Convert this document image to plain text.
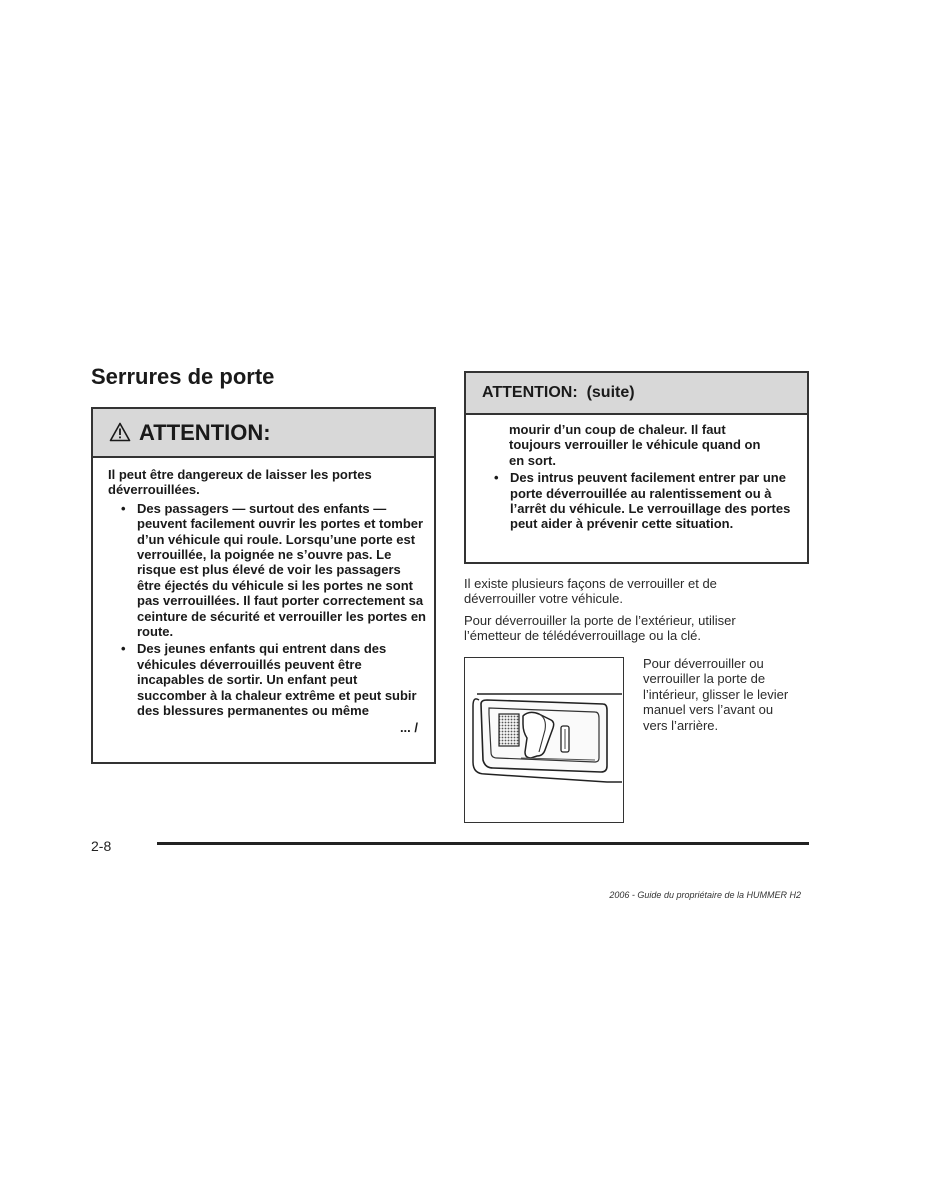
Serrures de porte
ATTENTION:

Il peut être dangereux de laisser les portes déverrouillées.

• Des passagers — surtout des enfants — peuvent facilement ouvrir les portes et tomber d’un véhicule qui roule. Lorsqu’une porte est verrouillée, la poignée ne s’ouvre pas. Le risque est plus élevé de voir les passagers être éjectés du véhicule si les portes ne sont pas verrouillées. Il faut porter correctement sa ceinture de sécurité et verrouiller les portes en route.
• Des jeunes enfants qui entrent dans des véhicules déverrouillés peuvent être incapables de sortir. Un enfant peut succomber à la chaleur extrême et peut subir des blessures permanentes ou même
... /
ATTENTION:  (suite)

mourir d’un coup de chaleur. Il faut toujours verrouiller le véhicule quand on en sort.

• Des intrus peuvent facilement entrer par une porte déverrouillée au ralentissement ou à l’arrêt du véhicule. Le verrouillage des portes peut aider à prévenir cette situation.

Il existe plusieurs façons de verrouiller et de déverrouiller votre véhicule.

Pour déverrouiller la porte de l’extérieur, utiliser l’émetteur de télédéverrouillage ou la clé.

Pour déverrouiller ou verrouiller la porte de l’intérieur, glisser le levier manuel vers l’avant ou vers l’arrière.
2-8
2006 - Guide du propriétaire de la HUMMER H2
